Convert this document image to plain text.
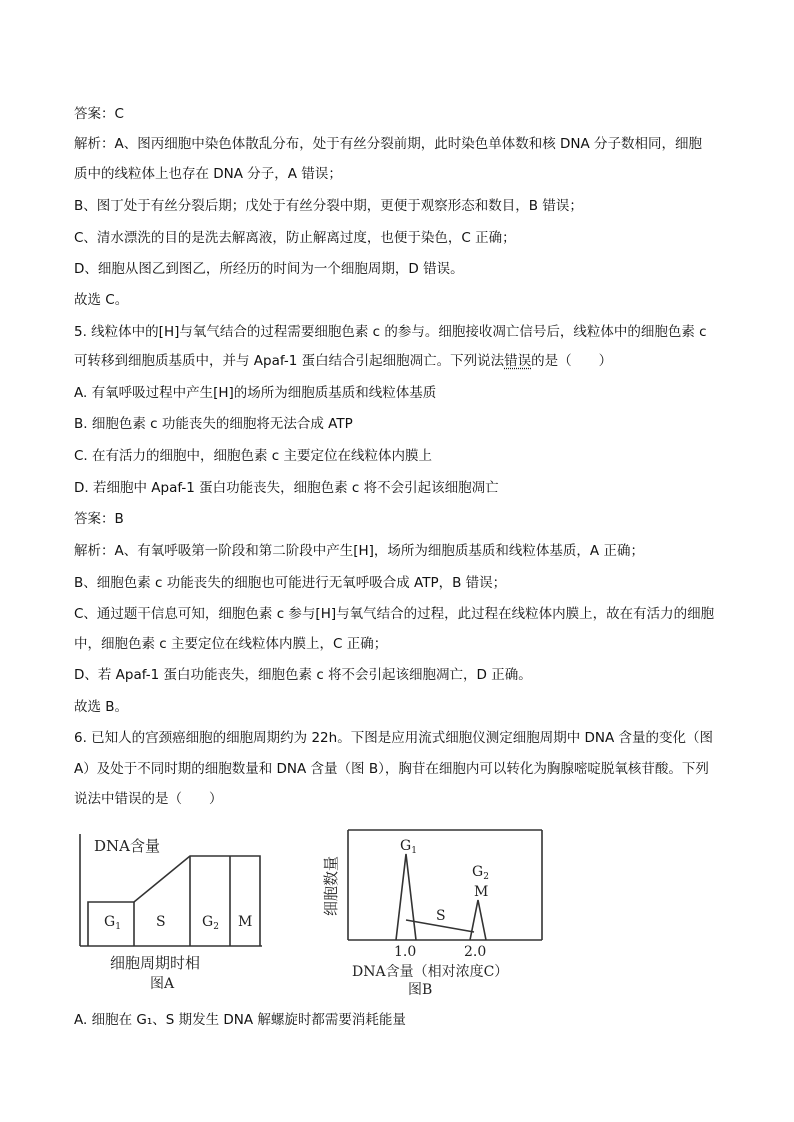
答案：C
解析：A、图丙细胞中染色体散乱分布，处于有丝分裂前期，此时染色单体数和核 DNA 分子数相同，细胞
质中的线粒体上也存在 DNA 分子，A 错误；
B、图丁处于有丝分裂后期；戊处于有丝分裂中期，更便于观察形态和数目，B 错误；
C、清水漂洗的目的是洗去解离液，防止解离过度，也便于染色，C 正确；
D、细胞从图乙到图乙，所经历的时间为一个细胞周期，D 错误。
故选 C。
5. 线粒体中的[H]与氧气结合的过程需要细胞色素 c 的参与。细胞接收凋亡信号后，线粒体中的细胞色素 c
可转移到细胞质基质中，并与 Apaf-1 蛋白结合引起细胞凋亡。下列说法错误的是（　　）
A. 有氧呼吸过程中产生[H]的场所为细胞质基质和线粒体基质
B. 细胞色素 c 功能丧失的细胞将无法合成 ATP
C. 在有活力的细胞中，细胞色素 c 主要定位在线粒体内膜上
D. 若细胞中 Apaf-1 蛋白功能丧失，细胞色素 c 将不会引起该细胞凋亡
答案：B
解析：A、有氧呼吸第一阶段和第二阶段中产生[H]，场所为细胞质基质和线粒体基质，A 正确；
B、细胞色素 c 功能丧失的细胞也可能进行无氧呼吸合成 ATP，B 错误；
C、通过题干信息可知，细胞色素 c 参与[H]与氧气结合的过程，此过程在线粒体内膜上，故在有活力的细胞
中，细胞色素 c 主要定位在线粒体内膜上，C 正确；
D、若 Apaf-1 蛋白功能丧失，细胞色素 c 将不会引起该细胞凋亡，D 正确。
故选 B。
6. 已知人的宫颈癌细胞的细胞周期约为 22h。下图是应用流式细胞仪测定细胞周期中 DNA 含量的变化（图
A）及处于不同时期的细胞数量和 DNA 含量（图 B），胸苷在细胞内可以转化为胸腺嘧啶脱氧核苷酸。下列
说法中错误的是（　　）
DNA含量
$G_1$	S	$G_2$ M
细胞周期时相
图A
$G_1$
$G_2$
M
S
1.0	2.0
DNA含量（相对浓度C）
图B
细胞数量
A. 细胞在 G₁、S 期发生 DNA 解螺旋时都需要消耗能量
